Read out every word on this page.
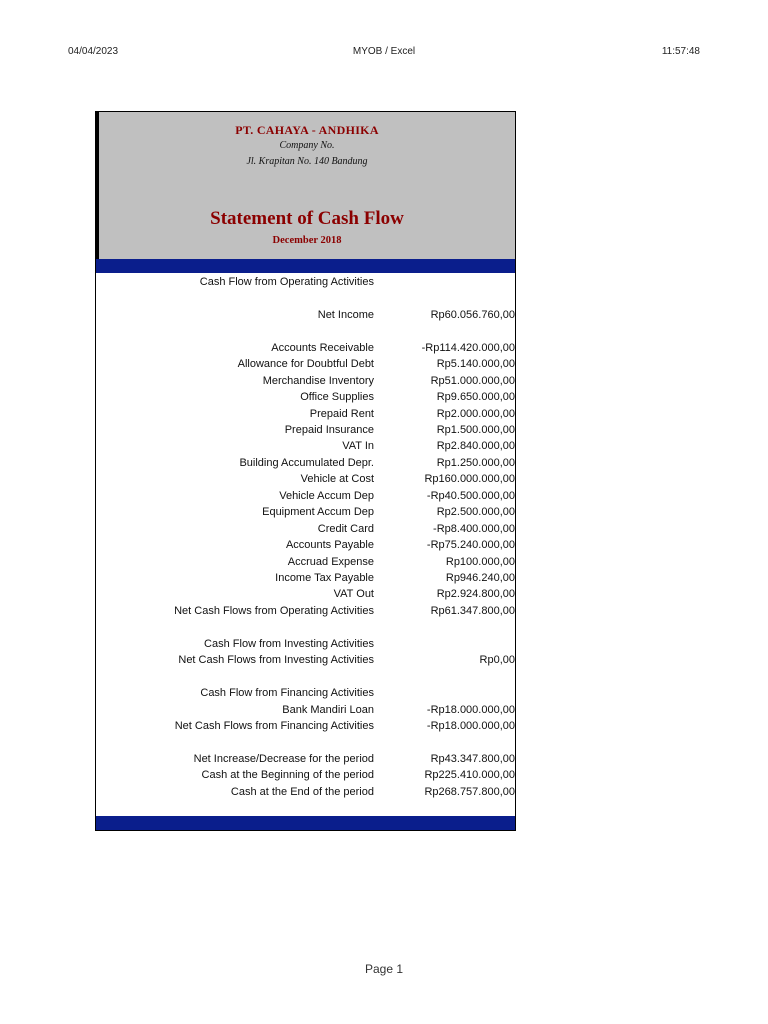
04/04/2023	MYOB / Excel	11:57:48
PT. CAHAYA - ANDHIKA
Company No.
Jl. Krapitan No. 140 Bandung
Statement of Cash Flow
December 2018
Cash Flow from Operating Activities
Net Income	Rp60.056.760,00
Accounts Receivable	-Rp114.420.000,00
Allowance for Doubtful Debt	Rp5.140.000,00
Merchandise Inventory	Rp51.000.000,00
Office Supplies	Rp9.650.000,00
Prepaid Rent	Rp2.000.000,00
Prepaid Insurance	Rp1.500.000,00
VAT In	Rp2.840.000,00
Building Accumulated Depr.	Rp1.250.000,00
Vehicle at Cost	Rp160.000.000,00
Vehicle Accum Dep	-Rp40.500.000,00
Equipment Accum Dep	Rp2.500.000,00
Credit Card	-Rp8.400.000,00
Accounts Payable	-Rp75.240.000,00
Accruad Expense	Rp100.000,00
Income Tax Payable	Rp946.240,00
VAT Out	Rp2.924.800,00
Net Cash Flows from Operating Activities	Rp61.347.800,00
Cash Flow from Investing Activities
Net Cash Flows from Investing Activities	Rp0,00
Cash Flow from Financing Activities
Bank Mandiri Loan	-Rp18.000.000,00
Net Cash Flows from Financing Activities	-Rp18.000.000,00
Net Increase/Decrease for the period	Rp43.347.800,00
Cash at the Beginning of the period	Rp225.410.000,00
Cash at the End of the period	Rp268.757.800,00
Page 1
